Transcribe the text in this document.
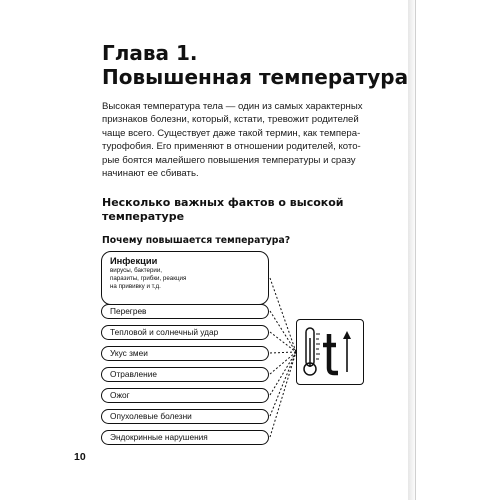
Глава 1.
Повышенная температура
Высокая температура тела — один из самых характерных
признаков болезни, который, кстати, тревожит родителей
чаще всего. Существует даже такой термин, как темпера-
турофобия. Его применяют в отношении родителей, кото-
рые боятся малейшего повышения температуры и сразу
начинают ее сбивать.
Несколько важных фактов о высокой
температуре
Почему повышается температура?
Инфекции
вирусы, бактерии,
паразиты, грибки, реакция
на прививку и т.д.
Перегрев
Тепловой и солнечный удар
Укус змеи
Отравление
Ожог
Опухолевые болезни
Эндокринные нарушения
10
